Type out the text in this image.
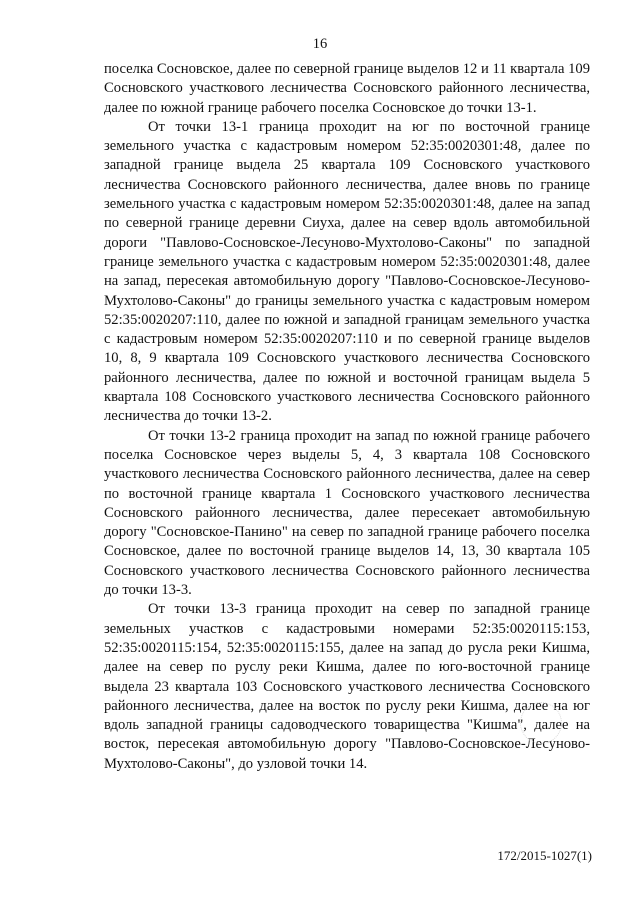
16

поселка Сосновское, далее по северной границе выделов 12 и 11 квартала 109 Сосновского участкового лесничества Сосновского районного лесничества, далее по южной границе рабочего поселка Сосновское до точки 13-1.

От точки 13-1 граница проходит на юг по восточной границе земельного участка с кадастровым номером 52:35:0020301:48, далее по западной границе выдела 25 квартала 109 Сосновского участкового лесничества Сосновского районного лесничества, далее вновь по границе земельного участка с кадастровым номером 52:35:0020301:48, далее на запад по северной границе деревни Сиуха, далее на север вдоль автомобильной дороги "Павлово-Сосновское-Лесуново-Мухтолово-Саконы" по западной границе земельного участка с кадастровым номером 52:35:0020301:48, далее на запад, пересекая автомобильную дорогу "Павлово-Сосновское-Лесуново-Мухтолово-Саконы" до границы земельного участка с кадастровым номером 52:35:0020207:110, далее по южной и западной границам земельного участка с кадастровым номером 52:35:0020207:110 и по северной границе выделов 10, 8, 9 квартала 109 Сосновского участкового лесничества Сосновского районного лесничества, далее по южной и восточной границам выдела 5 квартала 108 Сосновского участкового лесничества Сосновского районного лесничества до точки 13-2.

От точки 13-2 граница проходит на запад по южной границе рабочего поселка Сосновское через выделы 5, 4, 3 квартала 108 Сосновского участкового лесничества Сосновского районного лесничества, далее на север по восточной границе квартала 1 Сосновского участкового лесничества Сосновского районного лесничества, далее пересекает автомобильную дорогу "Сосновское-Панино" на север по западной границе рабочего поселка Сосновское, далее по восточной границе выделов 14, 13, 30 квартала 105 Сосновского участкового лесничества Сосновского районного лесничества до точки 13-3.

От точки 13-3 граница проходит на север по западной границе земельных участков с кадастровыми номерами 52:35:0020115:153, 52:35:0020115:154, 52:35:0020115:155, далее на запад до русла реки Кишма, далее на север по руслу реки Кишма, далее по юго-восточной границе выдела 23 квартала 103 Сосновского участкового лесничества Сосновского районного лесничества, далее на восток по руслу реки Кишма, далее на юг вдоль западной границы садоводческого товарищества "Кишма", далее на восток, пересекая автомобильную дорогу "Павлово-Сосновское-Лесуново-Мухтолово-Саконы", до узловой точки 14.

172/2015-1027(1)
